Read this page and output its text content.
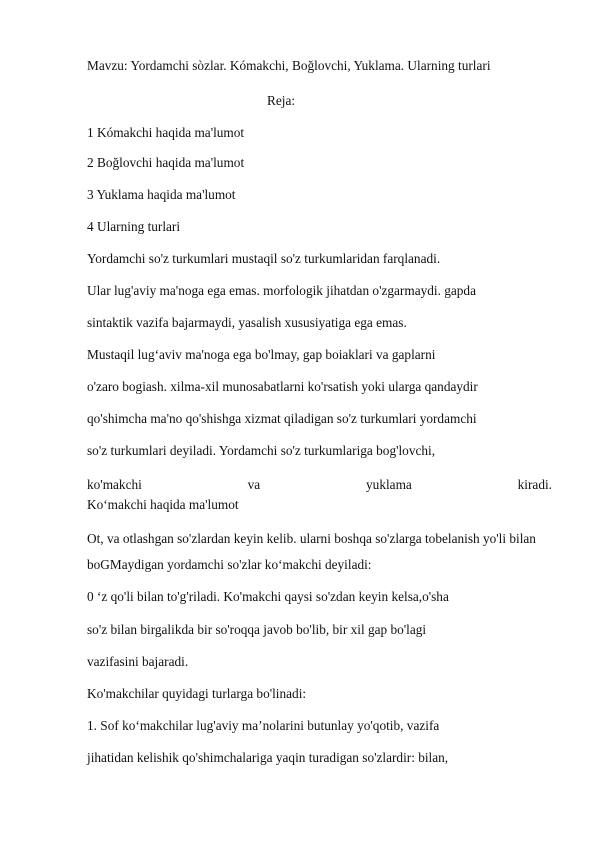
Mavzu: Yordamchi sòzlar. Kómakchi, Boğlovchi, Yuklama. Ularning turlari
Reja:
1 Kómakchi haqida ma'lumot
2 Boğlovchi haqida ma'lumot
3 Yuklama haqida ma'lumot
4 Ularning turlari
Yordamchi so'z turkumlari mustaqil so'z turkumlaridan farqlanadi.
Ular lug'aviy ma'noga ega emas. morfologik jihatdan o'zgarmaydi. gapda
sintaktik vazifa bajarmaydi, yasalish xususiyatiga ega emas.
Mustaqil lug‘aviv ma'noga ega bo'lmay, gap boiaklari va gaplarni
o'zaro bogiash. xilma-xil munosabatlarni ko'rsatish yoki ularga qandaydir
qo'shimcha ma'no qo'shishga xizmat qiladigan so'z turkumlari yordamchi
so'z turkumlari deyiladi. Yordamchi so'z turkumlariga bog'lovchi,
ko'makchi	va	yuklama	kiradi.
Ko‘makchi haqida ma'lumot
Ot, va otlashgan so'zlardan keyin kelib. ularni boshqa so'zlarga tobelanish yo'li bilan
boGMaydigan yordamchi so'zlar ko‘makchi deyiladi:
0 ‘z qo'li bilan to'g'riladi. Ko'makchi qaysi so'zdan keyin kelsa,o'sha
so'z bilan birgalikda bir so'roqqa javob bo'lib, bir xil gap bo'lagi
vazifasini bajaradi.
Ko'makchilar quyidagi turlarga bo'linadi:
1. Sof ko‘makchilar lug'aviy ma’nolarini butunlay yo'qotib, vazifa
jihatidan kelishik qo'shimchalariga yaqin turadigan so'zlardir: bilan,
